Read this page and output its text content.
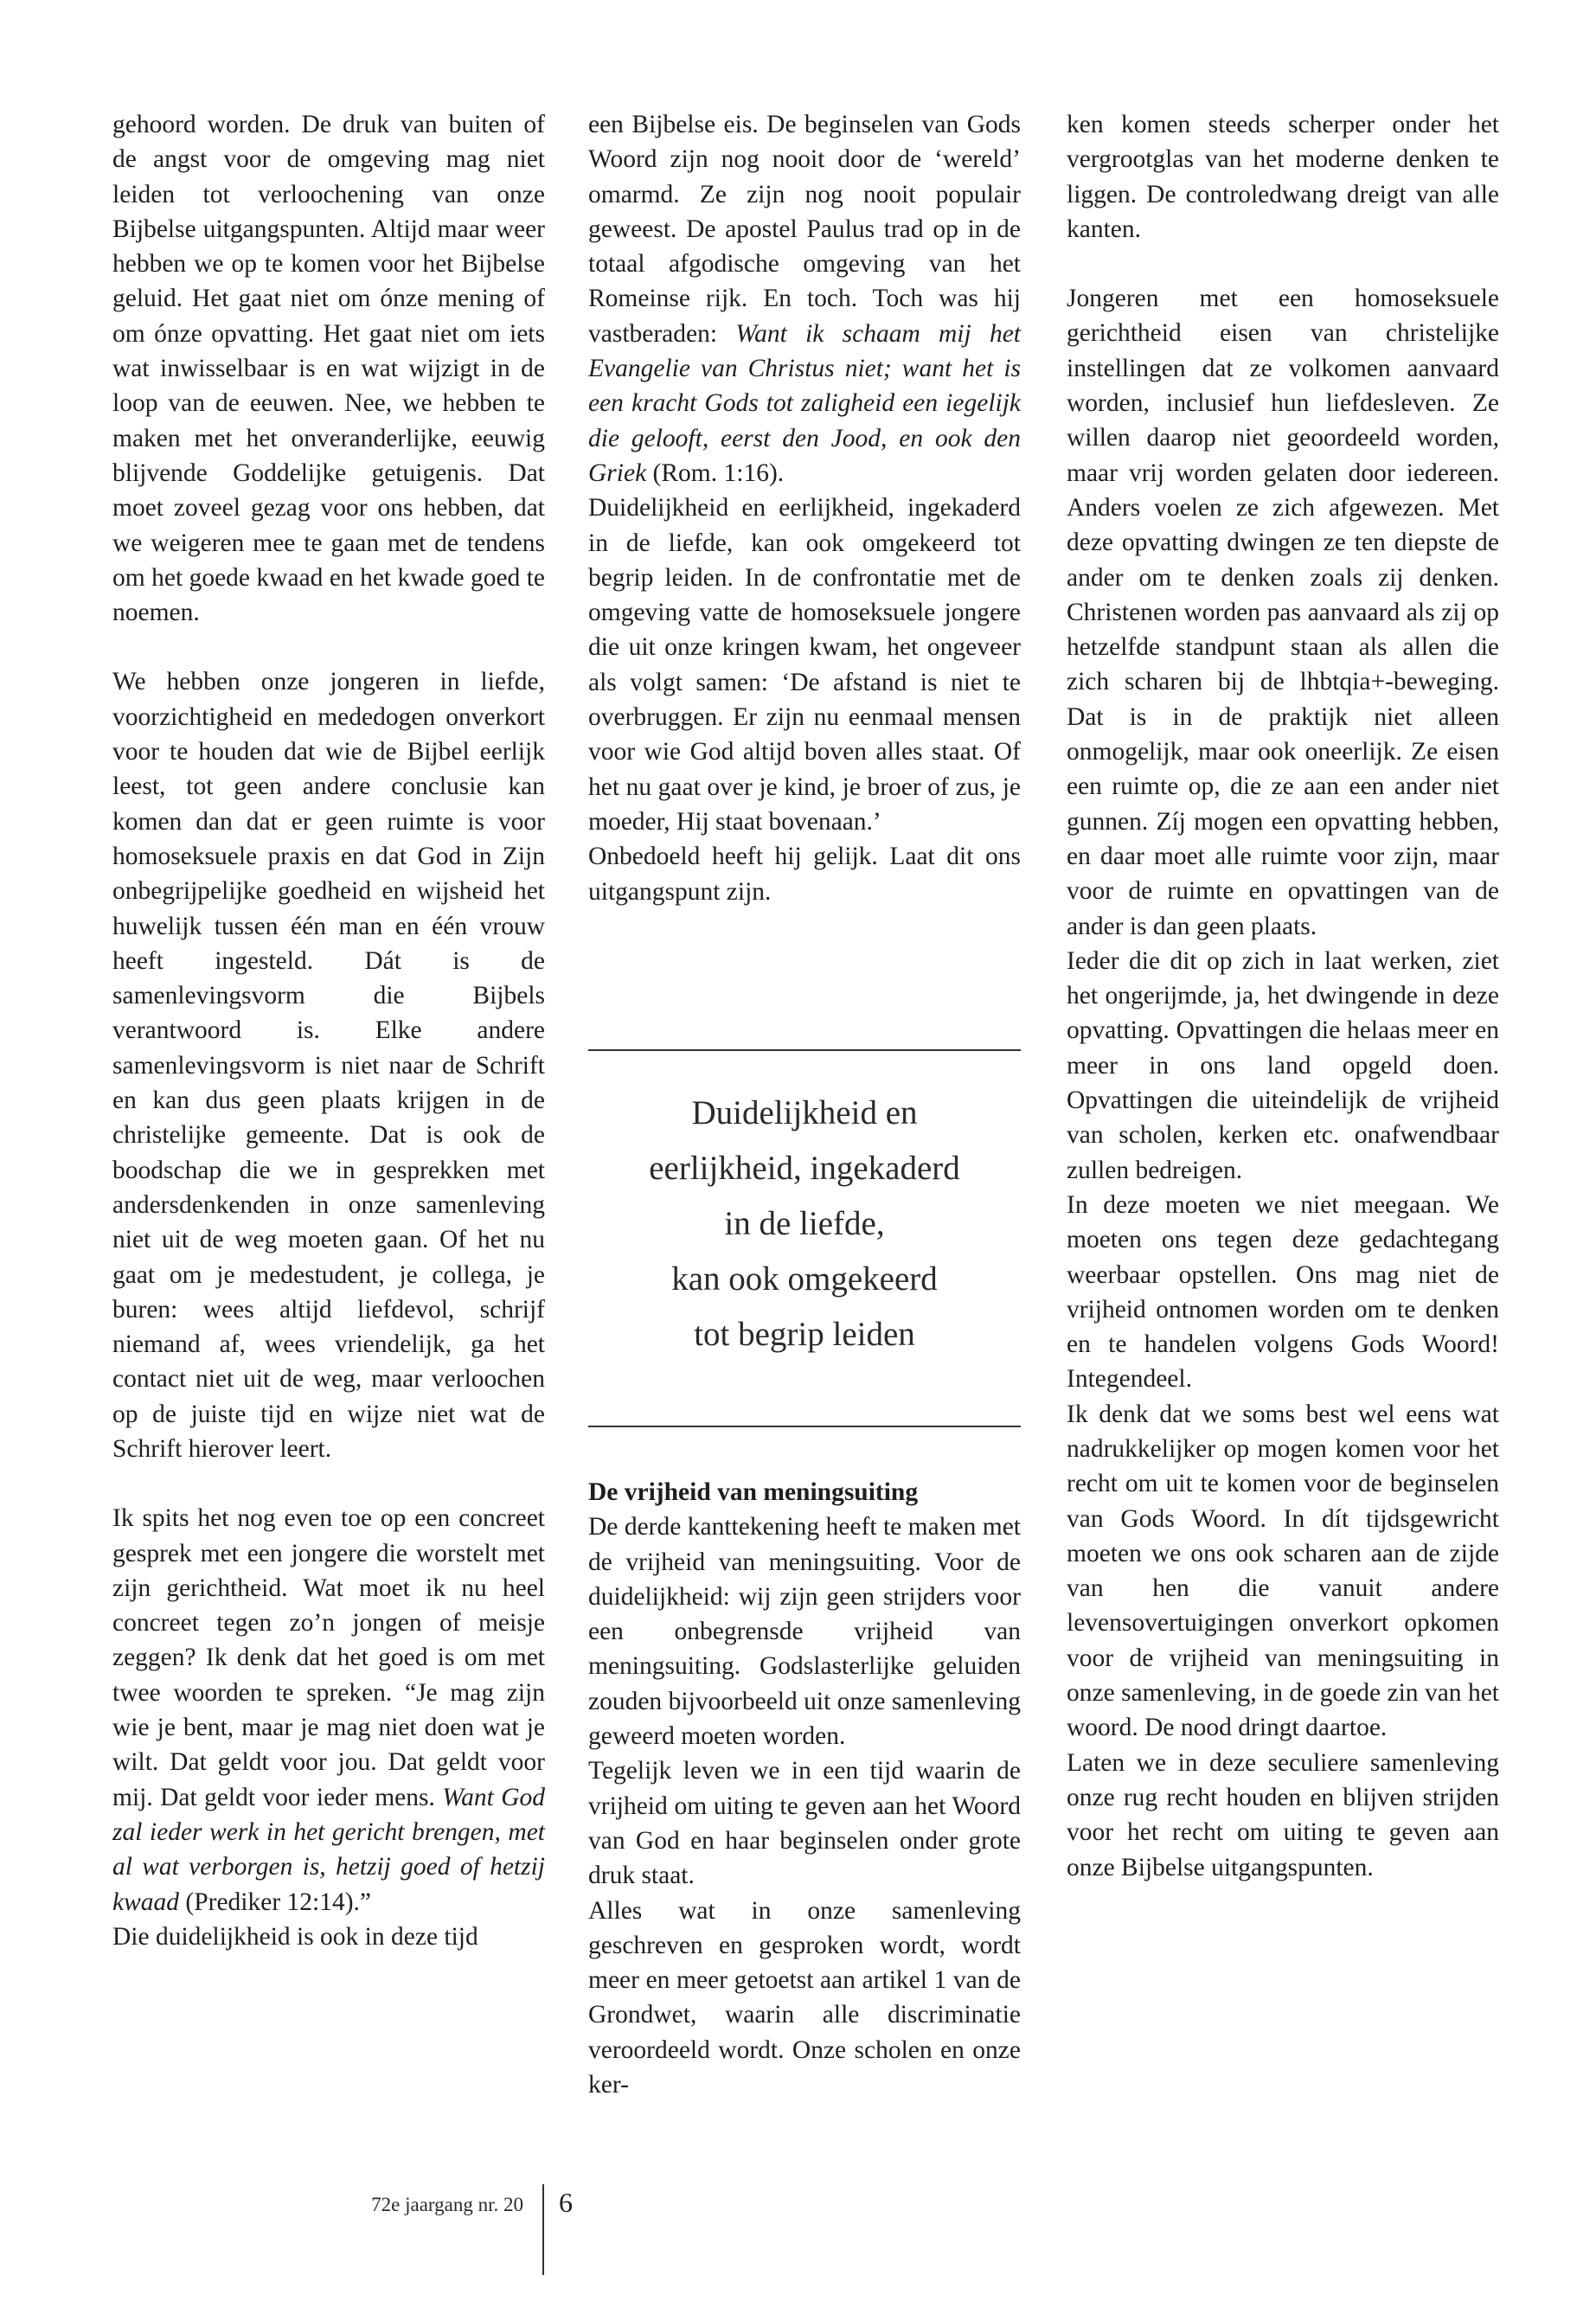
gehoord worden. De druk van buiten of de angst voor de omgeving mag niet leiden tot verloochening van onze Bijbelse uitgangspunten. Altijd maar weer hebben we op te komen voor het Bijbelse geluid. Het gaat niet om ónze mening of om ónze opvatting. Het gaat niet om iets wat inwisselbaar is en wat wijzigt in de loop van de eeuwen. Nee, we hebben te maken met het onveranderlijke, eeuwig blijvende Goddelijke getuigenis. Dat moet zoveel gezag voor ons hebben, dat we weigeren mee te gaan met de tendens om het goede kwaad en het kwade goed te noemen.

We hebben onze jongeren in liefde, voorzichtigheid en mededogen onverkort voor te houden dat wie de Bijbel eerlijk leest, tot geen andere conclusie kan komen dan dat er geen ruimte is voor homoseksuele praxis en dat God in Zijn onbegrijpelijke goedheid en wijsheid het huwelijk tussen één man en één vrouw heeft ingesteld. Dát is de samenlevingsvorm die Bijbels verantwoord is. Elke andere samenlevingsvorm is niet naar de Schrift en kan dus geen plaats krijgen in de christelijke gemeente. Dat is ook de boodschap die we in gesprekken met andersdenkenden in onze samenleving niet uit de weg moeten gaan. Of het nu gaat om je medestudent, je collega, je buren: wees altijd liefdevol, schrijf niemand af, wees vriendelijk, ga het contact niet uit de weg, maar verloochen op de juiste tijd en wijze niet wat de Schrift hierover leert.

Ik spits het nog even toe op een concreet gesprek met een jongere die worstelt met zijn gerichtheid. Wat moet ik nu heel concreet tegen zo’n jongen of meisje zeggen? Ik denk dat het goed is om met twee woorden te spreken. “Je mag zijn wie je bent, maar je mag niet doen wat je wilt. Dat geldt voor jou. Dat geldt voor mij. Dat geldt voor ieder mens. Want God zal ieder werk in het gericht brengen, met al wat verborgen is, hetzij goed of hetzij kwaad (Prediker 12:14).”

Die duidelijkheid is ook in deze tijd

een Bijbelse eis. De beginselen van Gods Woord zijn nog nooit door de ‘wereld’ omarmd. Ze zijn nog nooit populair geweest. De apostel Paulus trad op in de totaal afgodische omgeving van het Romeinse rijk. En toch. Toch was hij vastberaden: Want ik schaam mij het Evangelie van Christus niet; want het is een kracht Gods tot zaligheid een iegelijk die gelooft, eerst den Jood, en ook den Griek (Rom. 1:16).

Duidelijkheid en eerlijkheid, ingekaderd in de liefde, kan ook omgekeerd tot begrip leiden. In de confrontatie met de omgeving vatte de homoseksuele jongere die uit onze kringen kwam, het ongeveer als volgt samen: ‘De afstand is niet te overbruggen. Er zijn nu eenmaal mensen voor wie God altijd boven alles staat. Of het nu gaat over je kind, je broer of zus, je moeder, Hij staat bovenaan.’

Onbedoeld heeft hij gelijk. Laat dit ons uitgangspunt zijn.

Duidelijkheid en
eerlijkheid, ingekaderd
in de liefde,
kan ook omgekeerd
tot begrip leiden

De vrijheid van meningsuiting

De derde kanttekening heeft te maken met de vrijheid van meningsuiting. Voor de duidelijkheid: wij zijn geen strijders voor een onbegrensde vrijheid van meningsuiting. Godslasterlijke geluiden zouden bijvoorbeeld uit onze samenleving geweerd moeten worden.

Tegelijk leven we in een tijd waarin de vrijheid om uiting te geven aan het Woord van God en haar beginselen onder grote druk staat.

Alles wat in onze samenleving geschreven en gesproken wordt, wordt meer en meer getoetst aan artikel 1 van de Grondwet, waarin alle discriminatie veroordeeld wordt. Onze scholen en onze ker-

ken komen steeds scherper onder het vergrootglas van het moderne denken te liggen. De controledwang dreigt van alle kanten.

Jongeren met een homoseksuele gerichtheid eisen van christelijke instellingen dat ze volkomen aanvaard worden, inclusief hun liefdesleven. Ze willen daarop niet geoordeeld worden, maar vrij worden gelaten door iedereen. Anders voelen ze zich afgewezen. Met deze opvatting dwingen ze ten diepste de ander om te denken zoals zij denken. Christenen worden pas aanvaard als zij op hetzelfde standpunt staan als allen die zich scharen bij de lhbtqia+-beweging. Dat is in de praktijk niet alleen onmogelijk, maar ook oneerlijk. Ze eisen een ruimte op, die ze aan een ander niet gunnen. Zíj mogen een opvatting hebben, en daar moet alle ruimte voor zijn, maar voor de ruimte en opvattingen van de ander is dan geen plaats.

Ieder die dit op zich in laat werken, ziet het ongerijmde, ja, het dwingende in deze opvatting. Opvattingen die helaas meer en meer in ons land opgeld doen. Opvattingen die uiteindelijk de vrijheid van scholen, kerken etc. onafwendbaar zullen bedreigen.

In deze moeten we niet meegaan. We moeten ons tegen deze gedachtegang weerbaar opstellen. Ons mag niet de vrijheid ontnomen worden om te denken en te handelen volgens Gods Woord! Integendeel.

Ik denk dat we soms best wel eens wat nadrukkelijker op mogen komen voor het recht om uit te komen voor de beginselen van Gods Woord. In dít tijdsgewricht moeten we ons ook scharen aan de zijde van hen die vanuit andere levensovertuigingen onverkort opkomen voor de vrijheid van meningsuiting in onze samenleving, in de goede zin van het woord. De nood dringt daartoe.

Laten we in deze seculiere samenleving onze rug recht houden en blijven strijden voor het recht om uiting te geven aan onze Bijbelse uitgangspunten.

72e jaargang nr. 20 6
